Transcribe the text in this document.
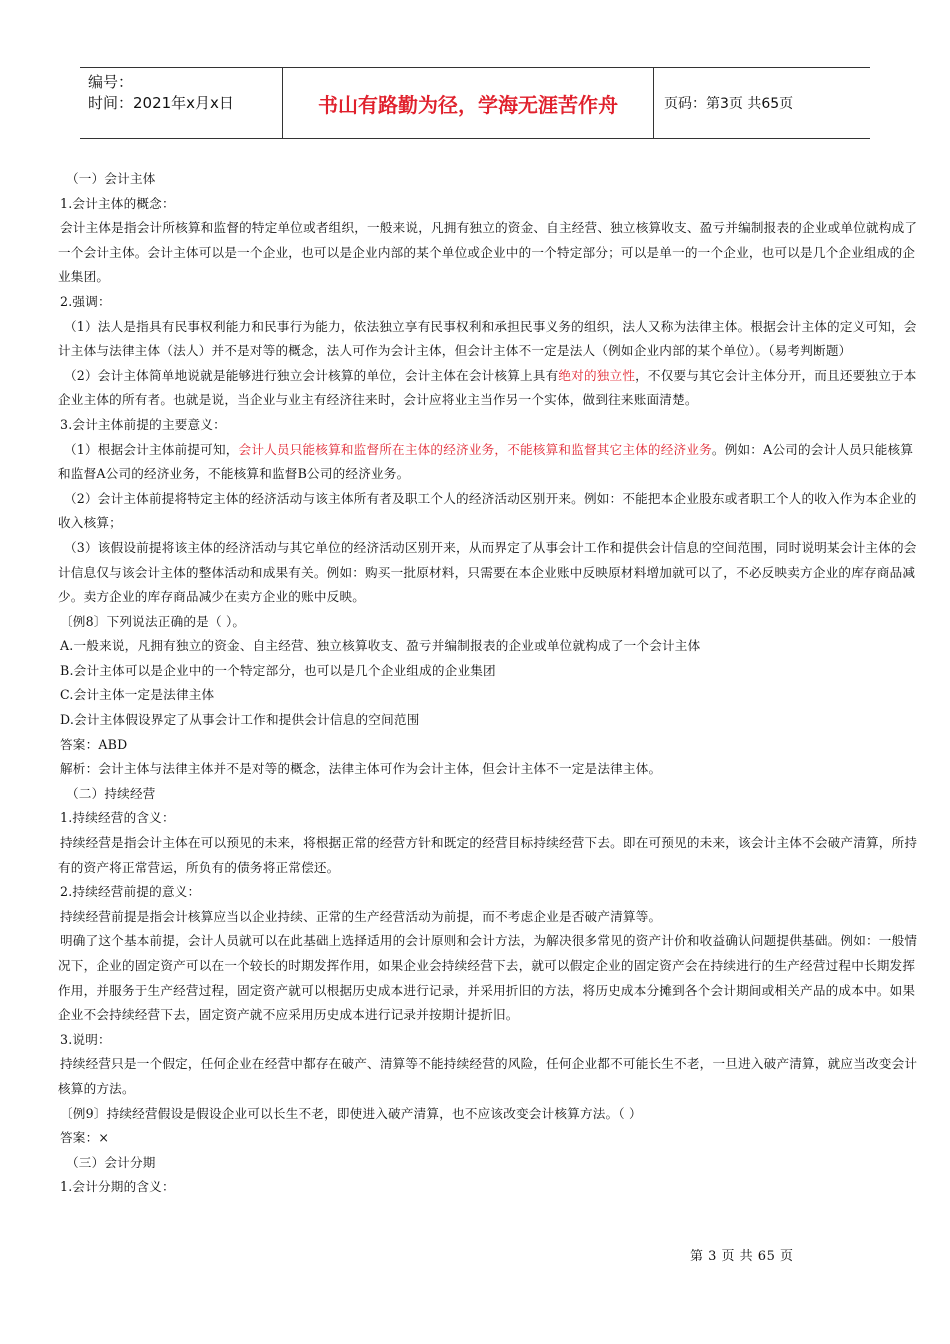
编号：
时间：2021年x月x日	书山有路勤为径，学海无涯苦作舟	页码：第3页 共65页

（一）会计主体

1.会计主体的概念：

会计主体是指会计所核算和监督的特定单位或者组织，一般来说，凡拥有独立的资金、自主经营、独立核算收支、盈亏并编制报表的企业或单位就构成了一个会计主体。会计主体可以是一个企业，也可以是企业内部的某个单位或企业中的一个特定部分；可以是单一的一个企业，也可以是几个企业组成的企业集团。

2.强调：

（1）法人是指具有民事权利能力和民事行为能力，依法独立享有民事权利和承担民事义务的组织，法人又称为法律主体。根据会计主体的定义可知，会计主体与法律主体（法人）并不是对等的概念，法人可作为会计主体，但会计主体不一定是法人（例如企业内部的某个单位）。（易考判断题）

（2）会计主体简单地说就是能够进行独立会计核算的单位，会计主体在会计核算上具有绝对的独立性，不仅要与其它会计主体分开，而且还要独立于本企业主体的所有者。也就是说，当企业与业主有经济往来时，会计应将业主当作另一个实体，做到往来账面清楚。

3.会计主体前提的主要意义：

（1）根据会计主体前提可知，会计人员只能核算和监督所在主体的经济业务，不能核算和监督其它主体的经济业务。例如：A公司的会计人员只能核算和监督A公司的经济业务，不能核算和监督B公司的经济业务。

（2）会计主体前提将特定主体的经济活动与该主体所有者及职工个人的经济活动区别开来。例如：不能把本企业股东或者职工个人的收入作为本企业的收入核算；

（3）该假设前提将该主体的经济活动与其它单位的经济活动区别开来，从而界定了从事会计工作和提供会计信息的空间范围，同时说明某会计主体的会计信息仅与该会计主体的整体活动和成果有关。例如：购买一批原材料，只需要在本企业账中反映原材料增加就可以了，不必反映卖方企业的库存商品减少。卖方企业的库存商品减少在卖方企业的账中反映。

〔例8〕下列说法正确的是（ ）。

A.一般来说，凡拥有独立的资金、自主经营、独立核算收支、盈亏并编制报表的企业或单位就构成了一个会计主体

B.会计主体可以是企业中的一个特定部分，也可以是几个企业组成的企业集团

C.会计主体一定是法律主体

D.会计主体假设界定了从事会计工作和提供会计信息的空间范围

答案：ABD

解析：会计主体与法律主体并不是对等的概念，法律主体可作为会计主体，但会计主体不一定是法律主体。

（二）持续经营

1.持续经营的含义：

持续经营是指会计主体在可以预见的未来，将根据正常的经营方针和既定的经营目标持续经营下去。即在可预见的未来，该会计主体不会破产清算，所持有的资产将正常营运，所负有的债务将正常偿还。

2.持续经营前提的意义：

持续经营前提是指会计核算应当以企业持续、正常的生产经营活动为前提，而不考虑企业是否破产清算等。

明确了这个基本前提，会计人员就可以在此基础上选择适用的会计原则和会计方法，为解决很多常见的资产计价和收益确认问题提供基础。例如：一般情况下，企业的固定资产可以在一个较长的时期发挥作用，如果企业会持续经营下去，就可以假定企业的固定资产会在持续进行的生产经营过程中长期发挥作用，并服务于生产经营过程，固定资产就可以根据历史成本进行记录，并采用折旧的方法，将历史成本分摊到各个会计期间或相关产品的成本中。如果企业不会持续经营下去，固定资产就不应采用历史成本进行记录并按期计提折旧。

3.说明：

持续经营只是一个假定，任何企业在经营中都存在破产、清算等不能持续经营的风险，任何企业都不可能长生不老，一旦进入破产清算，就应当改变会计核算的方法。

〔例9〕持续经营假设是假设企业可以长生不老，即使进入破产清算，也不应该改变会计核算方法。（ ）

答案：×

（三）会计分期

1.会计分期的含义：

第 3 页 共 65 页
